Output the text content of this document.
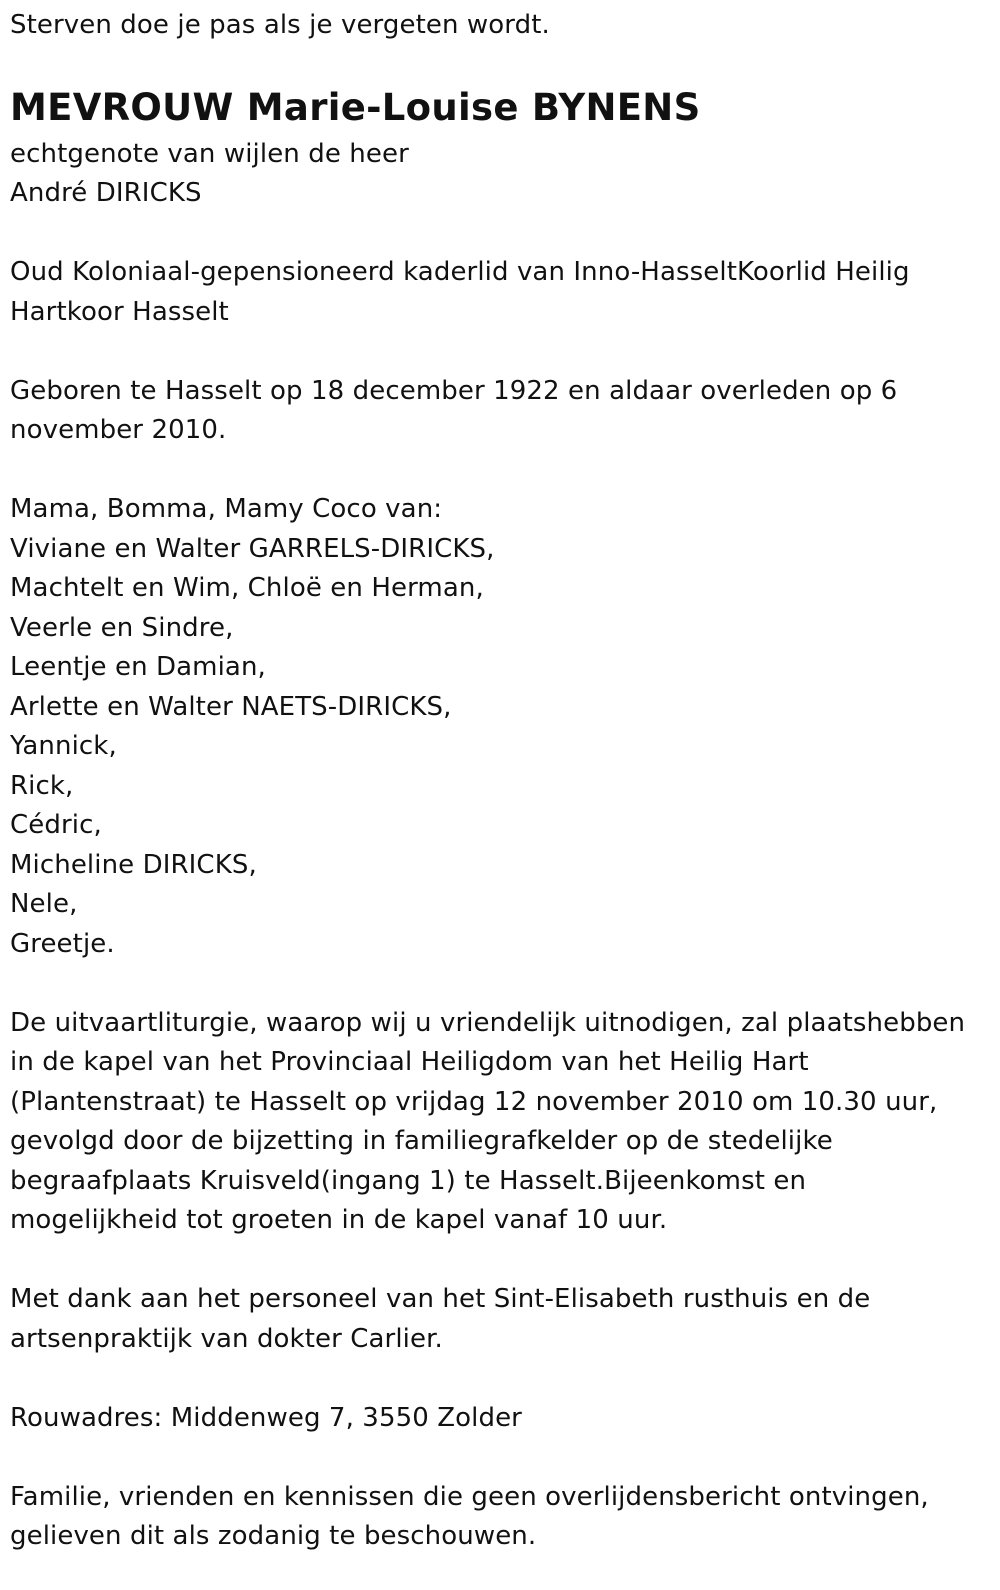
Sterven doe je pas als je vergeten wordt.
MEVROUW Marie-Louise BYNENS
echtgenote van wijlen de heer
André DIRICKS
Oud Koloniaal-gepensioneerd kaderlid van Inno-HasseltKoorlid Heilig
Hartkoor Hasselt
Geboren te Hasselt op 18 december 1922 en aldaar overleden op 6
november 2010.
Mama, Bomma, Mamy Coco van:
Viviane en Walter GARRELS-DIRICKS,
Machtelt en Wim, Chloë en Herman,
Veerle en Sindre,
Leentje en Damian,
Arlette en Walter NAETS-DIRICKS,
Yannick,
Rick,
Cédric,
Micheline DIRICKS,
Nele,
Greetje.
De uitvaartliturgie, waarop wij u vriendelijk uitnodigen, zal plaatshebben
in de kapel van het Provinciaal Heiligdom van het Heilig Hart
(Plantenstraat) te Hasselt op vrijdag 12 november 2010 om 10.30 uur,
gevolgd door de bijzetting in familiegrafkelder op de stedelijke
begraafplaats Kruisveld(ingang 1) te Hasselt.Bijeenkomst en
mogelijkheid tot groeten in de kapel vanaf 10 uur.
Met dank aan het personeel van het Sint-Elisabeth rusthuis en de
artsenpraktijk van dokter Carlier.
Rouwadres: Middenweg 7, 3550 Zolder
Familie, vrienden en kennissen die geen overlijdensbericht ontvingen,
gelieven dit als zodanig te beschouwen.
